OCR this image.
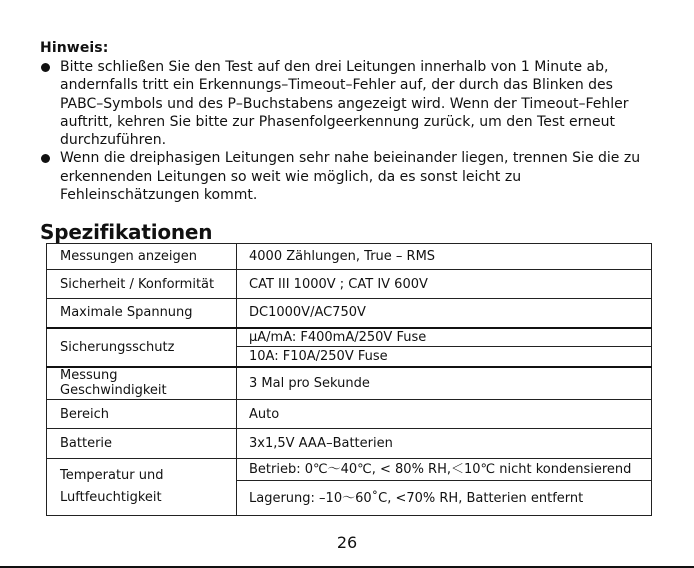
Hinweis:
Bitte schließen Sie den Test auf den drei Leitungen innerhalb von 1 Minute ab,
andernfalls tritt ein Erkennungs–Timeout–Fehler auf, der durch das Blinken des
PABC–Symbols und des P–Buchstabens angezeigt wird. Wenn der Timeout–Fehler
auftritt, kehren Sie bitte zur Phasenfolgeerkennung zurück, um den Test erneut
durchzuführen.
Wenn die dreiphasigen Leitungen sehr nahe beieinander liegen, trennen Sie die zu
erkennenden Leitungen so weit wie möglich, da es sonst leicht zu
Fehleinschätzungen kommt.
Spezifikationen
Messungen anzeigen	4000 Zählungen, True – RMS
Sicherheit / Konformität	CAT III 1000V ; CAT IV 600V
Maximale Spannung	DC1000V/AC750V
Sicherungsschutz	µA/mA: F400mA/250V Fuse
	10A: F10A/250V Fuse

Messung
Geschwindigkeit	3 Mal pro Sekunde
Bereich	Auto
Batterie	3x1,5V AAA–Batterien

Temperatur und
Luftfeuchtigkeit	Betrieb: 0℃～40℃, < 80% RH,＜10℃ nicht kondensierend
	Lagerung: –10～60˚C, <70% RH, Batterien entfernt
26
